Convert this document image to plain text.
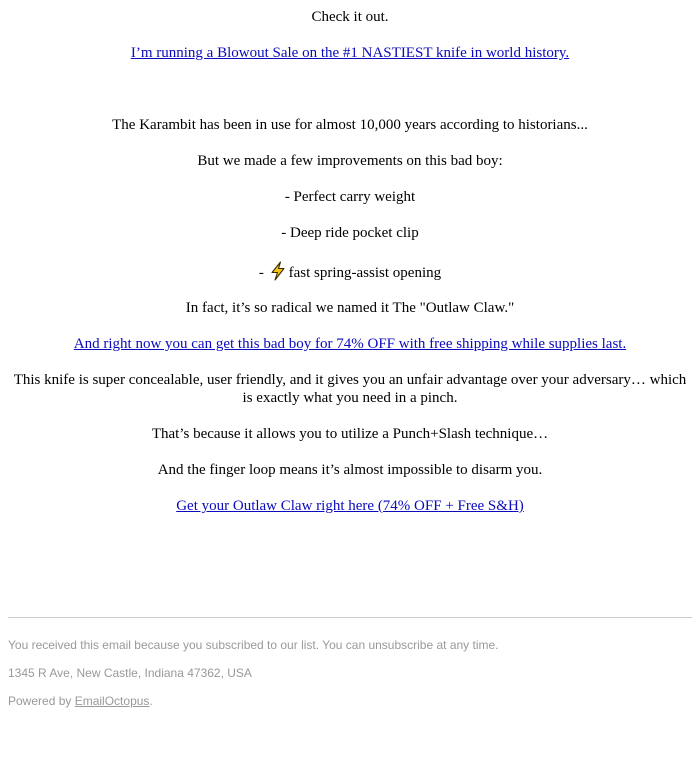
Check it out.

I’m running a Blowout Sale on the #1 NASTIEST knife in world history.

The Karambit has been in use for almost 10,000 years according to historians...

But we made a few improvements on this bad boy:

- Perfect carry weight

- Deep ride pocket clip

- fast spring-assist opening

In fact, it’s so radical we named it The "Outlaw Claw."

And right now you can get this bad boy for 74% OFF with free shipping while supplies last.

This knife is super concealable, user friendly, and it gives you an unfair advantage over your adversary… which is exactly what you need in a pinch.

That’s because it allows you to utilize a Punch+Slash technique…

And the finger loop means it’s almost impossible to disarm you.

Get your Outlaw Claw right here (74% OFF + Free S&H)

You received this email because you subscribed to our list. You can unsubscribe at any time.

1345 R Ave, New Castle, Indiana 47362, USA

Powered by EmailOctopus.
